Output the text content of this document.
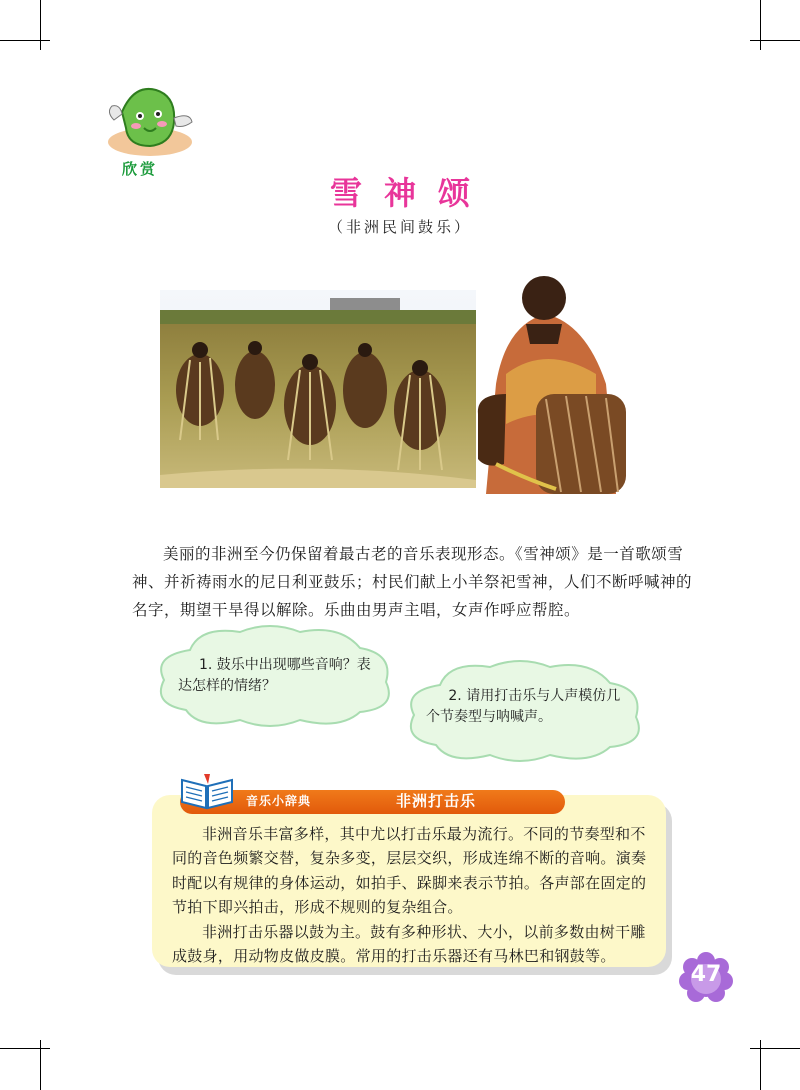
欣赏
雪神颂
（非洲民间鼓乐）
美丽的非洲至今仍保留着最古老的音乐表现形态。《雪神颂》是一首歌颂雪神、并祈祷雨水的尼日利亚鼓乐；村民们献上小羊祭祀雪神，人们不断呼喊神的名字，期望干旱得以解除。乐曲由男声主唱，女声作呼应帮腔。
1. 鼓乐中出现哪些音响？表达怎样的情绪？
2. 请用打击乐与人声模仿几个节奏型与呐喊声。
音乐小辞典	非洲打击乐

非洲音乐丰富多样，其中尤以打击乐最为流行。不同的节奏型和不同的音色频繁交替，复杂多变，层层交织，形成连绵不断的音响。演奏时配以有规律的身体运动，如拍手、跺脚来表示节拍。各声部在固定的节拍下即兴拍击，形成不规则的复杂组合。

非洲打击乐器以鼓为主。鼓有多种形状、大小，以前多数由树干雕成鼓身，用动物皮做皮膜。常用的打击乐器还有马林巴和钢鼓等。

47
